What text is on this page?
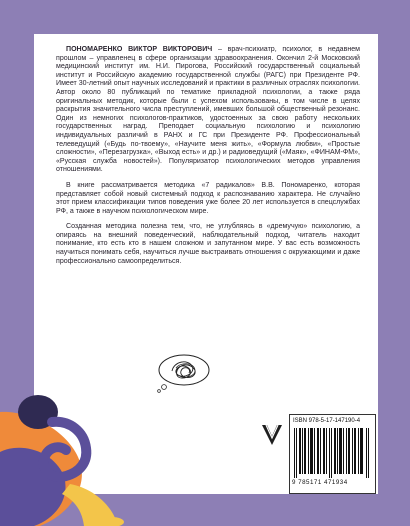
ПОНОМАРЕНКО ВИКТОР ВИКТОРОВИЧ – врач-психиатр, психолог, в недавнем прошлом – управленец в сфере организации здравоохранения. Окончил 2-й Московский медицинский институт им. Н.И. Пирогова, Российский государственный социальный институт и Российскую академию государственной службы (РАГС) при Президенте РФ. Имеет 30-летний опыт научных исследований и практики в различных отраслях психологии. Автор около 80 публикаций по тематике прикладной психологии, а также ряда оригинальных методик, которые были с успехом использованы, в том числе в целях раскрытия значительного числа преступлений, имевших большой общественный резонанс. Один из немногих психологов-практиков, удостоенных за свою работу нескольких государственных наград. Преподает социальную психологию и психологию индивидуальных различий в РАНХ и ГС при Президенте РФ. Профессиональный телеведущий («Будь по-твоему», «Научите меня жить», «Формула любви», «Простые сложности», «Перезагрузка», «Выход есть» и др.) и радиоведущий («Маяк», «ФИНАМ-ФМ», «Русская служба новостей»). Популяризатор психологических методов управления отношениями.

В книге рассматривается методика «7 радикалов» В.В. Пономаренко, которая представляет собой новый системный подход к распознаванию характера. Не случайно этот прием классификации типов поведения уже более 20 лет используется в спецслужбах РФ, а также в научном психологическом мире.

Созданная методика полезна тем, что, не углубляясь в «дремучую» психологию, а опираясь на внешний поведенческий, наблюдательный подход, читатель находит понимание, кто есть кто в нашем сложном и запутанном мире. У вас есть возможность научиться понимать себя, научиться лучше выстраивать отношения с окружающими и даже профессионально самоопределиться.

ISBN 978-5-17-147190-4
9 785171 471934
